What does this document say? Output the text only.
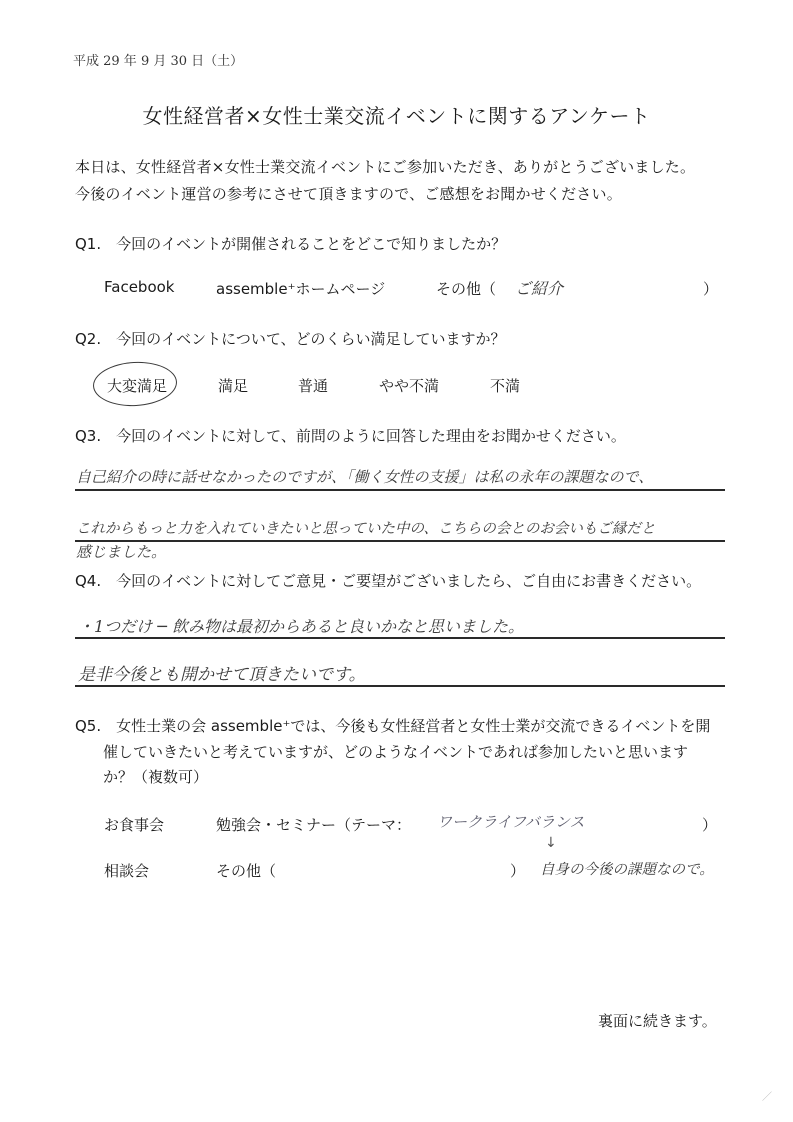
平成 29 年 9 月 30 日（土）
女性経営者×女性士業交流イベントに関するアンケート
本日は、女性経営者×女性士業交流イベントにご参加いただき、ありがとうございました。
今後のイベント運営の参考にさせて頂きますので、ご感想をお聞かせください。
Q1.　今回のイベントが開催されることをどこで知りましたか？
Facebook	assemble⁺ホームページ	その他（ ご紹介	）
Q2.　今回のイベントについて、どのくらい満足していますか？
大変満足	満足	普通	やや不満	不満
Q3.　今回のイベントに対して、前問のように回答した理由をお聞かせください。
自己紹介の時に話せなかったのですが、「働く女性の支援」は私の永年の課題なので、
これからもっと力を入れていきたいと思っていた中の、こちらの会とのお会いもご縁だと
感じました。
Q4.　今回のイベントに対してご意見・ご要望がございましたら、ご自由にお書きください。
・1つだけ ─ 飲み物は最初からあると良いかなと思いました。
是非今後とも開かせて頂きたいです。
Q5.　女性士業の会 assemble⁺では、今後も女性経営者と女性士業が交流できるイベントを開
催していきたいと考えていますが、どのようなイベントであれば参加したいと思います
か？（複数可）
お食事会	勉強会・セミナー（テーマ： ワークライフバランス	）
↓
相談会	その他（	） 自身の今後の課題なので。
裏面に続きます。
／
